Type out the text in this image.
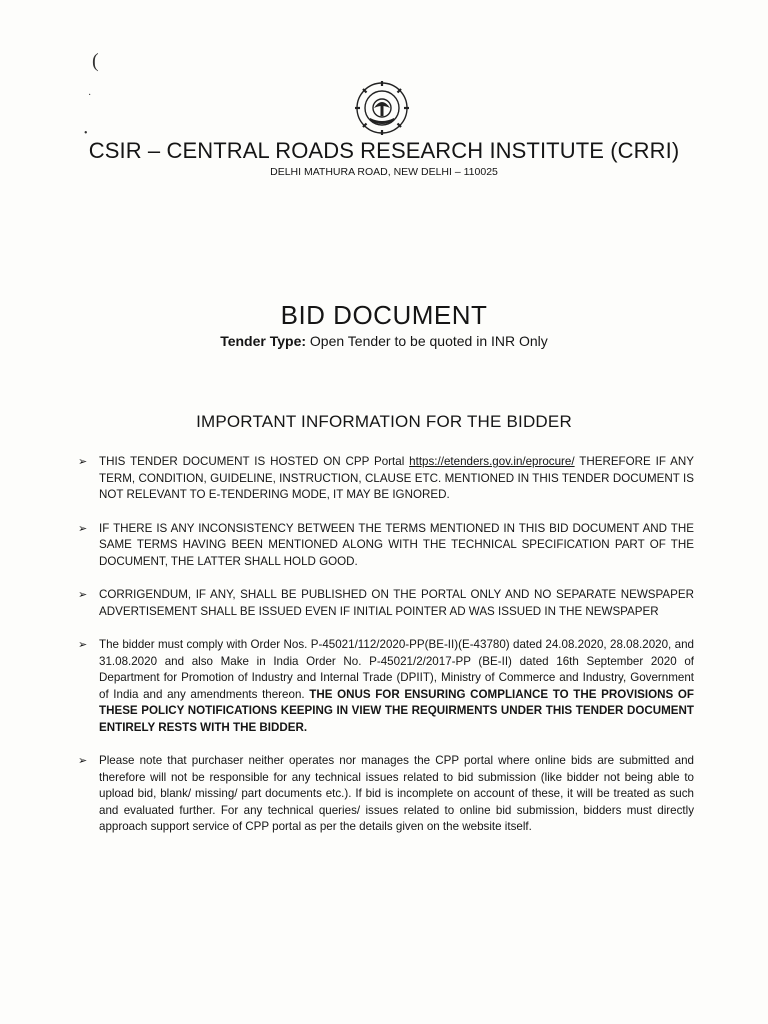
(
·
•
CSIR – CENTRAL ROADS RESEARCH INSTITUTE (CRRI)
DELHI MATHURA ROAD, NEW DELHI – 110025
BID DOCUMENT
Tender Type: Open Tender to be quoted in INR Only
IMPORTANT INFORMATION FOR THE BIDDER
➢ THIS TENDER DOCUMENT IS HOSTED ON CPP Portal https://etenders.gov.in/eprocure/ THEREFORE IF ANY TERM, CONDITION, GUIDELINE, INSTRUCTION, CLAUSE ETC. MENTIONED IN THIS TENDER DOCUMENT IS NOT RELEVANT TO E-TENDERING MODE, IT MAY BE IGNORED.
➢ IF THERE IS ANY INCONSISTENCY BETWEEN THE TERMS MENTIONED IN THIS BID DOCUMENT AND THE SAME TERMS HAVING BEEN MENTIONED ALONG WITH THE TECHNICAL SPECIFICATION PART OF THE DOCUMENT, THE LATTER SHALL HOLD GOOD.
➢ CORRIGENDUM, IF ANY, SHALL BE PUBLISHED ON THE PORTAL ONLY AND NO SEPARATE NEWSPAPER ADVERTISEMENT SHALL BE ISSUED EVEN IF INITIAL POINTER AD WAS ISSUED IN THE NEWSPAPER
➢ The bidder must comply with Order Nos. P-45021/112/2020-PP(BE-II)(E-43780) dated 24.08.2020, 28.08.2020, and 31.08.2020 and also Make in India Order No. P-45021/2/2017-PP (BE-II) dated 16th September 2020 of Department for Promotion of Industry and Internal Trade (DPIIT), Ministry of Commerce and Industry, Government of India and any amendments thereon. THE ONUS FOR ENSURING COMPLIANCE TO THE PROVISIONS OF THESE POLICY NOTIFICATIONS KEEPING IN VIEW THE REQUIRMENTS UNDER THIS TENDER DOCUMENT ENTIRELY RESTS WITH THE BIDDER.
➢ Please note that purchaser neither operates nor manages the CPP portal where online bids are submitted and therefore will not be responsible for any technical issues related to bid submission (like bidder not being able to upload bid, blank/ missing/ part documents etc.). If bid is incomplete on account of these, it will be treated as such and evaluated further. For any technical queries/ issues related to online bid submission, bidders must directly approach support service of CPP portal as per the details given on the website itself.
